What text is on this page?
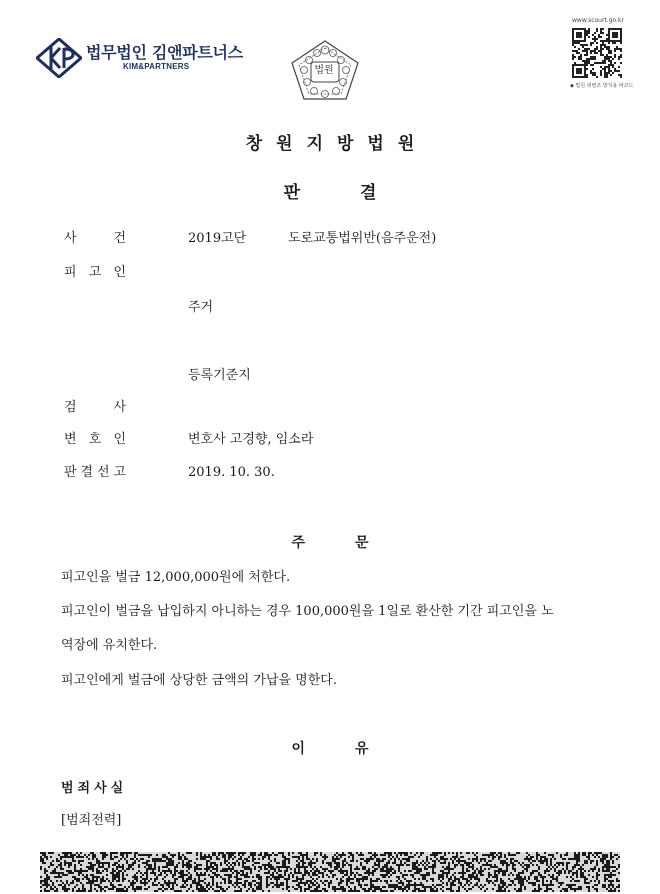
법무법인 김앤파트너스
KIM&PARTNERS	법원
www.scourt.go.kr
◆ 법원 위변조 방지용 바코드
창원지방법원
판결
사	건	2019고단	도로교통법위반(음주운전)
피 고 인
주거
등록기준지
검	사
변 호 인	변호사 고경향, 임소라
판 결 선 고	2019. 10. 30.
주문
피고인을 벌금 12,000,000원에 처한다.
피고인이 벌금을 납입하지 아니하는 경우 100,000원을 1일로 환산한 기간 피고인을 노
역장에 유치한다.
피고인에게 벌금에 상당한 금액의 가납을 명한다.
이유
범죄사실
[범죄전력]
